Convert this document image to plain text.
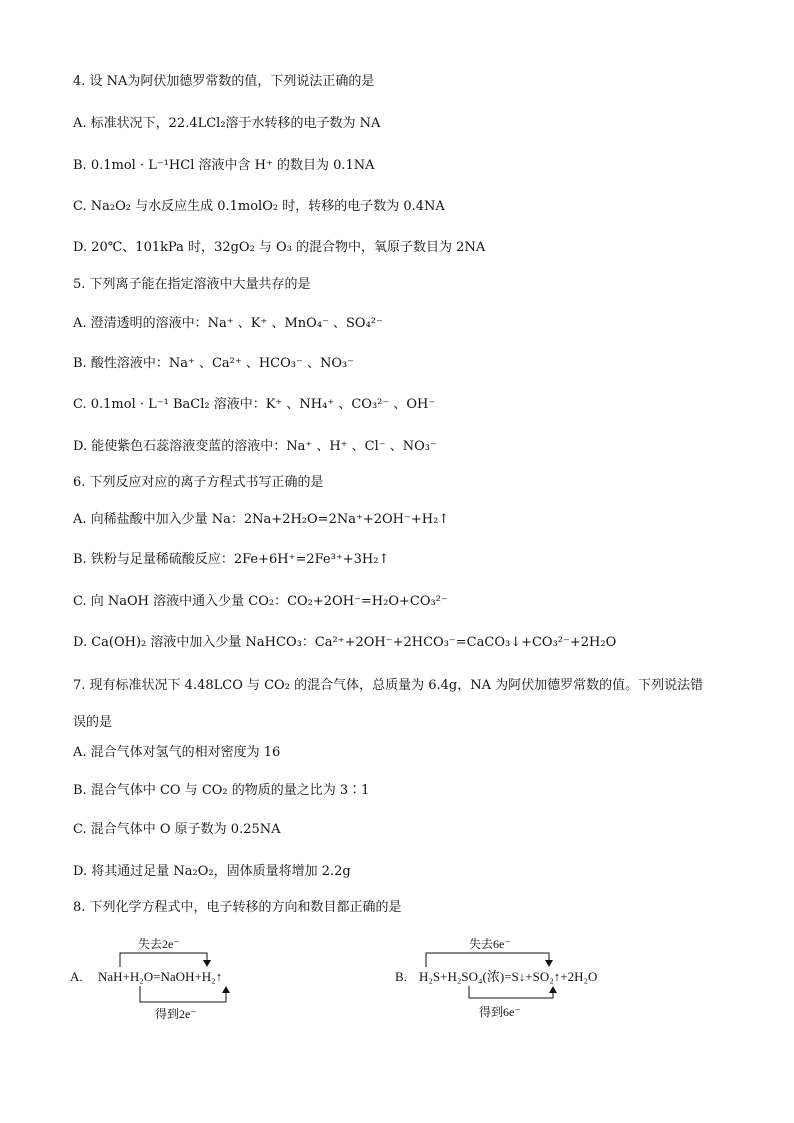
4. 设 NA为阿伏加德罗常数的值，下列说法正确的是
A. 标准状况下，22.4LCl₂溶于水转移的电子数为 NA
B. 0.1mol · L⁻¹HCl 溶液中含 H⁺ 的数目为 0.1NA
C. Na₂O₂ 与水反应生成 0.1molO₂ 时，转移的电子数为 0.4NA
D. 20℃、101kPa 时，32gO₂ 与 O₃ 的混合物中，氧原子数目为 2NA
5. 下列离子能在指定溶液中大量共存的是
A. 澄清透明的溶液中：Na⁺ 、K⁺ 、MnO₄⁻ 、SO₄²⁻
B. 酸性溶液中：Na⁺ 、Ca²⁺ 、HCO₃⁻ 、NO₃⁻
C. 0.1mol · L⁻¹ BaCl₂ 溶液中：K⁺ 、NH₄⁺ 、CO₃²⁻ 、OH⁻
D. 能使紫色石蕊溶液变蓝的溶液中：Na⁺ 、H⁺ 、Cl⁻ 、NO₃⁻
6. 下列反应对应的离子方程式书写正确的是
A. 向稀盐酸中加入少量 Na：2Na+2H₂O=2Na⁺+2OH⁻+H₂↑
B. 铁粉与足量稀硫酸反应：2Fe+6H⁺=2Fe³⁺+3H₂↑
C. 向 NaOH 溶液中通入少量 CO₂：CO₂+2OH⁻=H₂O+CO₃²⁻
D. Ca(OH)₂ 溶液中加入少量 NaHCO₃：Ca²⁺+2OH⁻+2HCO₃⁻=CaCO₃↓+CO₃²⁻+2H₂O
7. 现有标准状况下 4.48LCO 与 CO₂ 的混合气体，总质量为 6.4g，NA 为阿伏加德罗常数的值。下列说法错
误的是
A. 混合气体对氢气的相对密度为 16
B. 混合气体中 CO 与 CO₂ 的物质的量之比为 3∶1
C. 混合气体中 O 原子数为 0.25NA
D. 将其通过足量 Na₂O₂，固体质量将增加 2.2g
8. 下列化学方程式中，电子转移的方向和数目都正确的是
A. NaH+H₂O=NaOH+H₂↑
失去2e⁻
得到2e⁻
B. H₂S+H₂SO₄(浓)=S↓+SO₂↑+2H₂O
失去6e⁻
得到6e⁻
